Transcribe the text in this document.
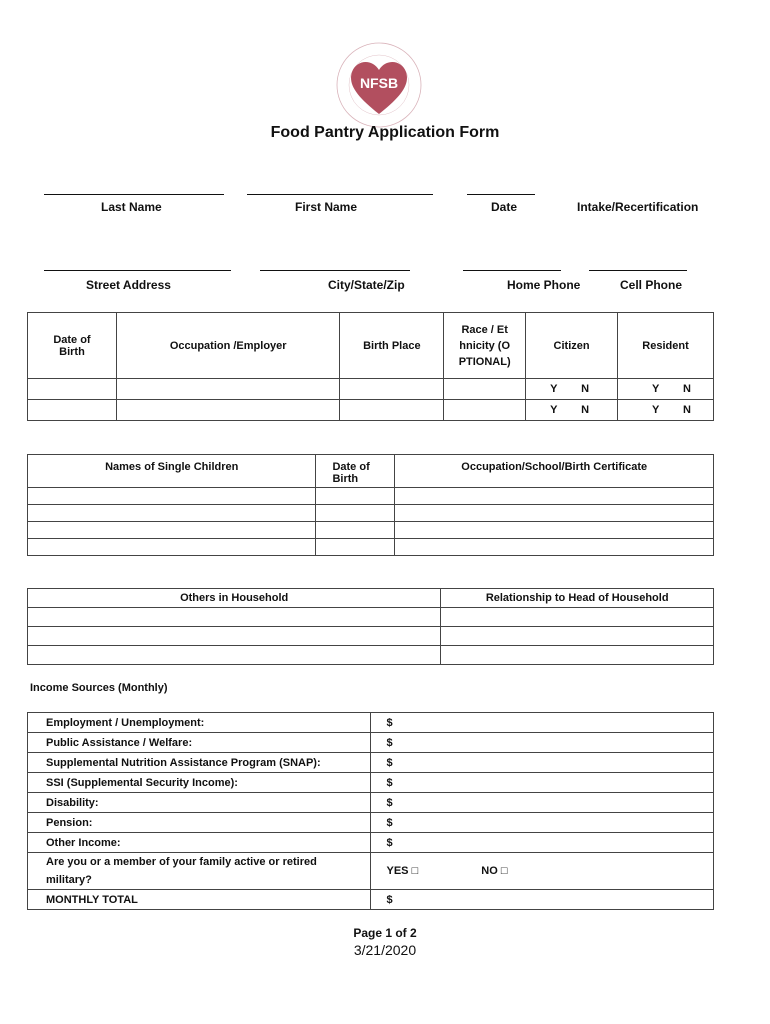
NFSB
Food Pantry Application Form
Last Name	First Name	Date	Intake/Recertification
Street Address	City/State/Zip	Home Phone	Cell Phone
Date of Birth	Occupation /Employer	Birth Place	Race / Ethnicity (OPTIONAL)	Citizen	Resident

				Y N	Y N

				Y N	Y N
Names of Single Children	Date of Birth	Occupation/School/Birth Certificate

Others in Household	Relationship to Head of Household

Income Sources (Monthly)
Employment / Unemployment:	$
Public Assistance / Welfare:	$
Supplemental Nutrition Assistance Program (SNAP):	$
SSI (Supplemental Security Income):	$
Disability:	$
Pension:	$
Other Income:	$
Are you or a member of your family active or retired military?	YES □ NO □
MONTHLY TOTAL	$
Page 1 of 2
3/21/2020
